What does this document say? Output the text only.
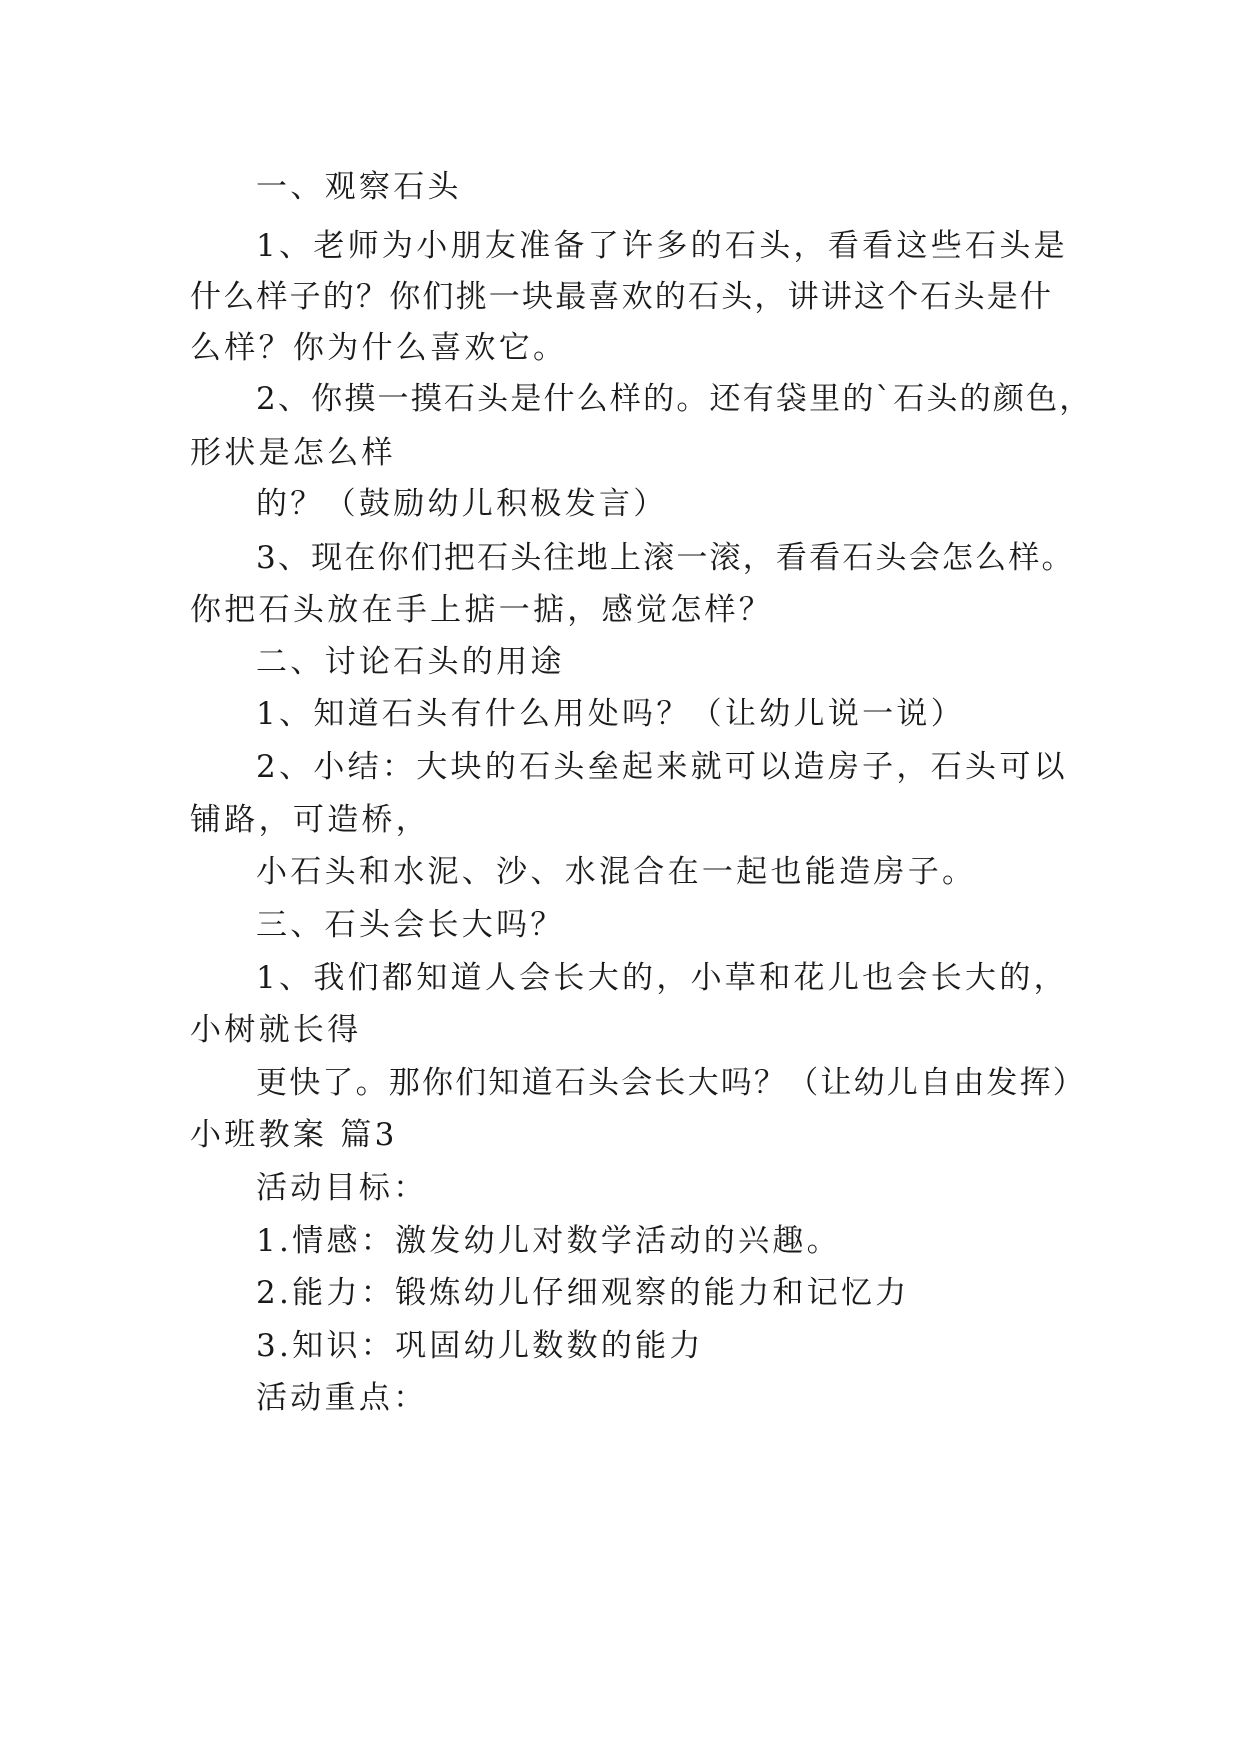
一、观察石头
1、老师为小朋友准备了许多的石头，看看这些石头是
什么样子的？你们挑一块最喜欢的石头，讲讲这个石头是什
么样？你为什么喜欢它。
2、你摸一摸石头是什么样的。还有袋里的`石头的颜色，
形状是怎么样
的？（鼓励幼儿积极发言）
3、现在你们把石头往地上滚一滚，看看石头会怎么样。
你把石头放在手上掂一掂，感觉怎样？
二、讨论石头的用途
1、知道石头有什么用处吗？（让幼儿说一说）
2、小结：大块的石头垒起来就可以造房子，石头可以
铺路，可造桥，
小石头和水泥、沙、水混合在一起也能造房子。
三、石头会长大吗？
1、我们都知道人会长大的，小草和花儿也会长大的，
小树就长得
更快了。那你们知道石头会长大吗？（让幼儿自由发挥）
小班教案 篇3
活动目标：
1.情感：激发幼儿对数学活动的兴趣。
2.能力：锻炼幼儿仔细观察的能力和记忆力
3.知识：巩固幼儿数数的能力
活动重点：
